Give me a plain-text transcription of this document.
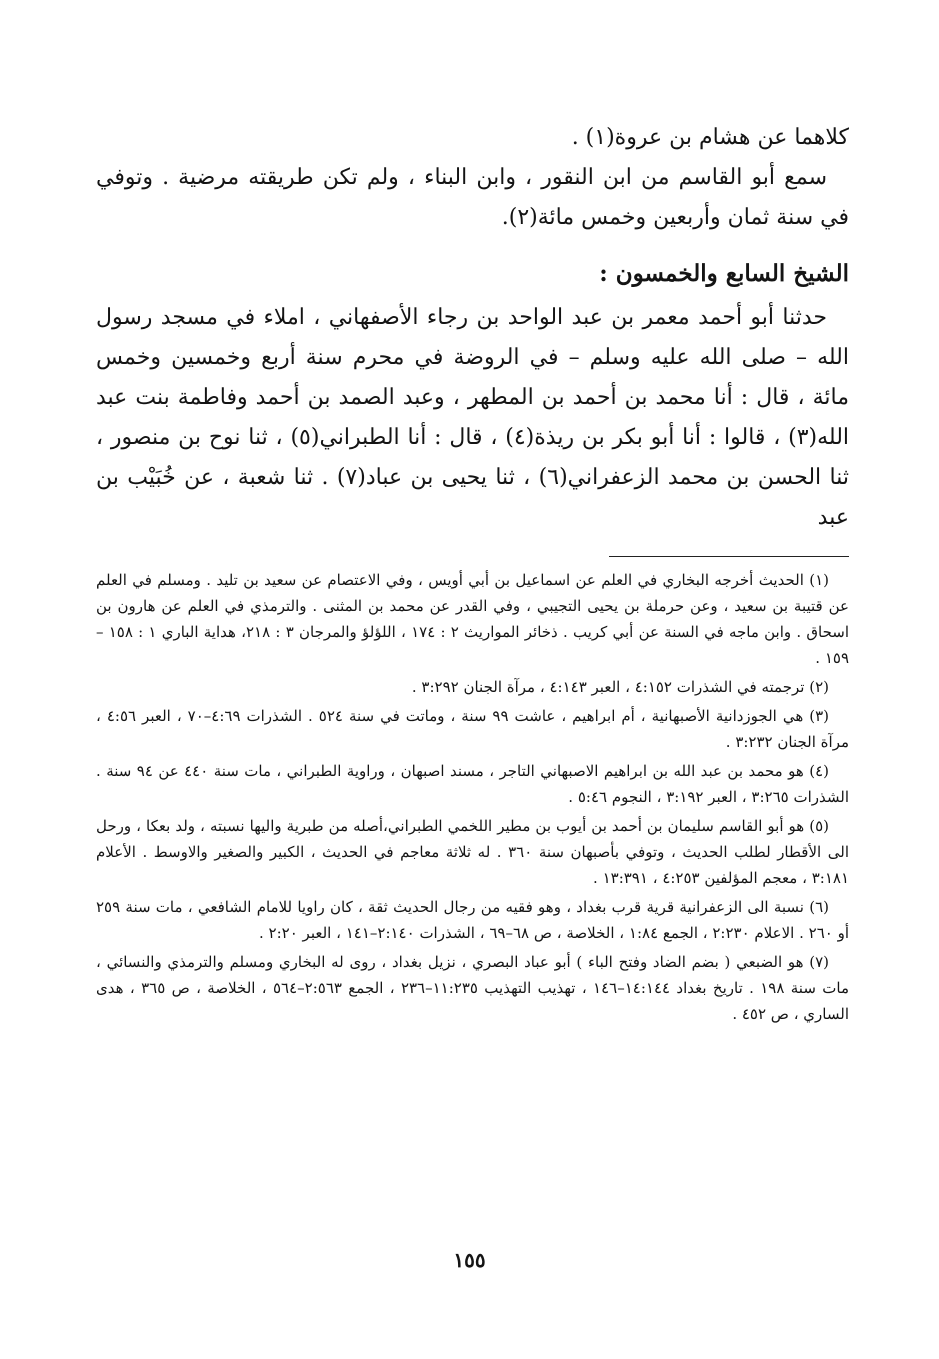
كلاهما عن هشام بن عروة(١) .

سمع أبو القاسم من ابن النقور ، وابن البناء ، ولم تكن طريقته مرضية . وتوفي في سنة ثمان وأربعين وخمس مائة(٢).

الشيخ السابع والخمسون :

حدثنا أبو أحمد معمر بن عبد الواحد بن رجاء الأصفهاني ، املاء في مسجد رسول الله – صلى الله عليه وسلم – في الروضة في محرم سنة أربع وخمسين وخمس مائة ، قال : أنا محمد بن أحمد بن المطهر ، وعبد الصمد بن أحمد وفاطمة بنت عبد الله(٣) ، قالوا : أنا أبو بكر بن ريذة(٤) ، قال : أنا الطبراني(٥) ، ثنا نوح بن منصور ، ثنا الحسن بن محمد الزعفراني(٦) ، ثنا يحيى بن عباد(٧) . ثنا شعبة ، عن خُبَيْب بن عبد

(١) الحديث أخرجه البخاري في العلم عن اسماعيل بن أبي أويس ، وفي الاعتصام عن سعيد بن تليد . ومسلم في العلم عن قتيبة بن سعيد ، وعن حرملة بن يحيى التجيبي ، وفي القدر عن محمد بن المثنى . والترمذي في العلم عن هارون بن اسحاق . وابن ماجه في السنة عن أبي كريب . ذخائر المواريث ٢ : ١٧٤ ، اللؤلؤ والمرجان ٣ : ٢١٨، هداية الباري ١ : ١٥٨ – ١٥٩ .

(٢) ترجمته في الشذرات ٤:١٥٢ ، العبر ٤:١٤٣ ، مرآة الجنان ٣:٢٩٢ .

(٣) هي الجوزدانية الأصبهانية ، أم ابراهيم ، عاشت ٩٩ سنة ، وماتت في سنة ٥٢٤ . الشذرات ٤:٦٩–٧٠ ، العبر ٤:٥٦ ، مرآة الجنان ٣:٢٣٢ .

(٤) هو محمد بن عبد الله بن ابراهيم الاصبهاني التاجر ، مسند اصبهان ، وراوية الطبراني ، مات سنة ٤٤٠ عن ٩٤ سنة . الشذرات ٣:٢٦٥ ، العبر ٣:١٩٢ ، النجوم ٥:٤٦ .

(٥) هو أبو القاسم سليمان بن أحمد بن أيوب بن مطير اللخمي الطبراني،أصله من طبرية واليها نسبته ، ولد بعكا ، ورحل الى الأقطار لطلب الحديث ، وتوفي بأصبهان سنة ٣٦٠ . له ثلاثة معاجم في الحديث ، الكبير والصغير والاوسط . الأعلام ٣:١٨١ ، معجم المؤلفين ٤:٢٥٣ ، ١٣:٣٩١ .

(٦) نسبة الى الزعفرانية قرية قرب بغداد ، وهو فقيه من رجال الحديث ثقة ، كان راويا للامام الشافعي ، مات سنة ٢٥٩ أو ٢٦٠ . الاعلام ٢:٢٣٠ ، الجمع ١:٨٤ ، الخلاصة ، ص ٦٨–٦٩ ، الشذرات ٢:١٤٠–١٤١ ، العبر ٢:٢٠ .

(٧) هو الضبعي ( بضم الضاد وفتح الباء ) أبو عباد البصري ، نزيل بغداد ، روى له البخاري ومسلم والترمذي والنسائي ، مات سنة ١٩٨ . تاريخ بغداد ١٤:١٤٤–١٤٦ ، تهذيب التهذيب ١١:٢٣٥–٢٣٦ ، الجمع ٢:٥٦٣–٥٦٤ ، الخلاصة ، ص ٣٦٥ ، هدى الساري ، ص ٤٥٢ .

١٥٥
